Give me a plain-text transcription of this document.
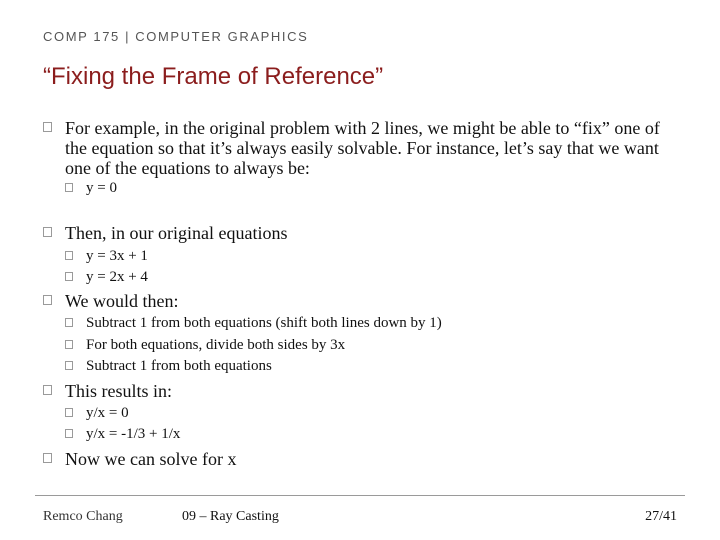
COMP 175 | COMPUTER GRAPHICS
“Fixing the Frame of Reference”
For example, in the original problem with 2 lines, we might be able to “fix” one of the equation so that it’s always easily solvable. For instance, let’s say that we want one of the equations to always be:
y = 0
Then, in our original equations
y = 3x + 1
y = 2x + 4
We would then:
Subtract 1 from both equations (shift both lines down by 1)
For both equations, divide both sides by 3x
Subtract 1 from both equations
This results in:
y/x = 0
y/x = -1/3 + 1/x
Now we can solve for x
Remco Chang	09 – Ray Casting	27/41
